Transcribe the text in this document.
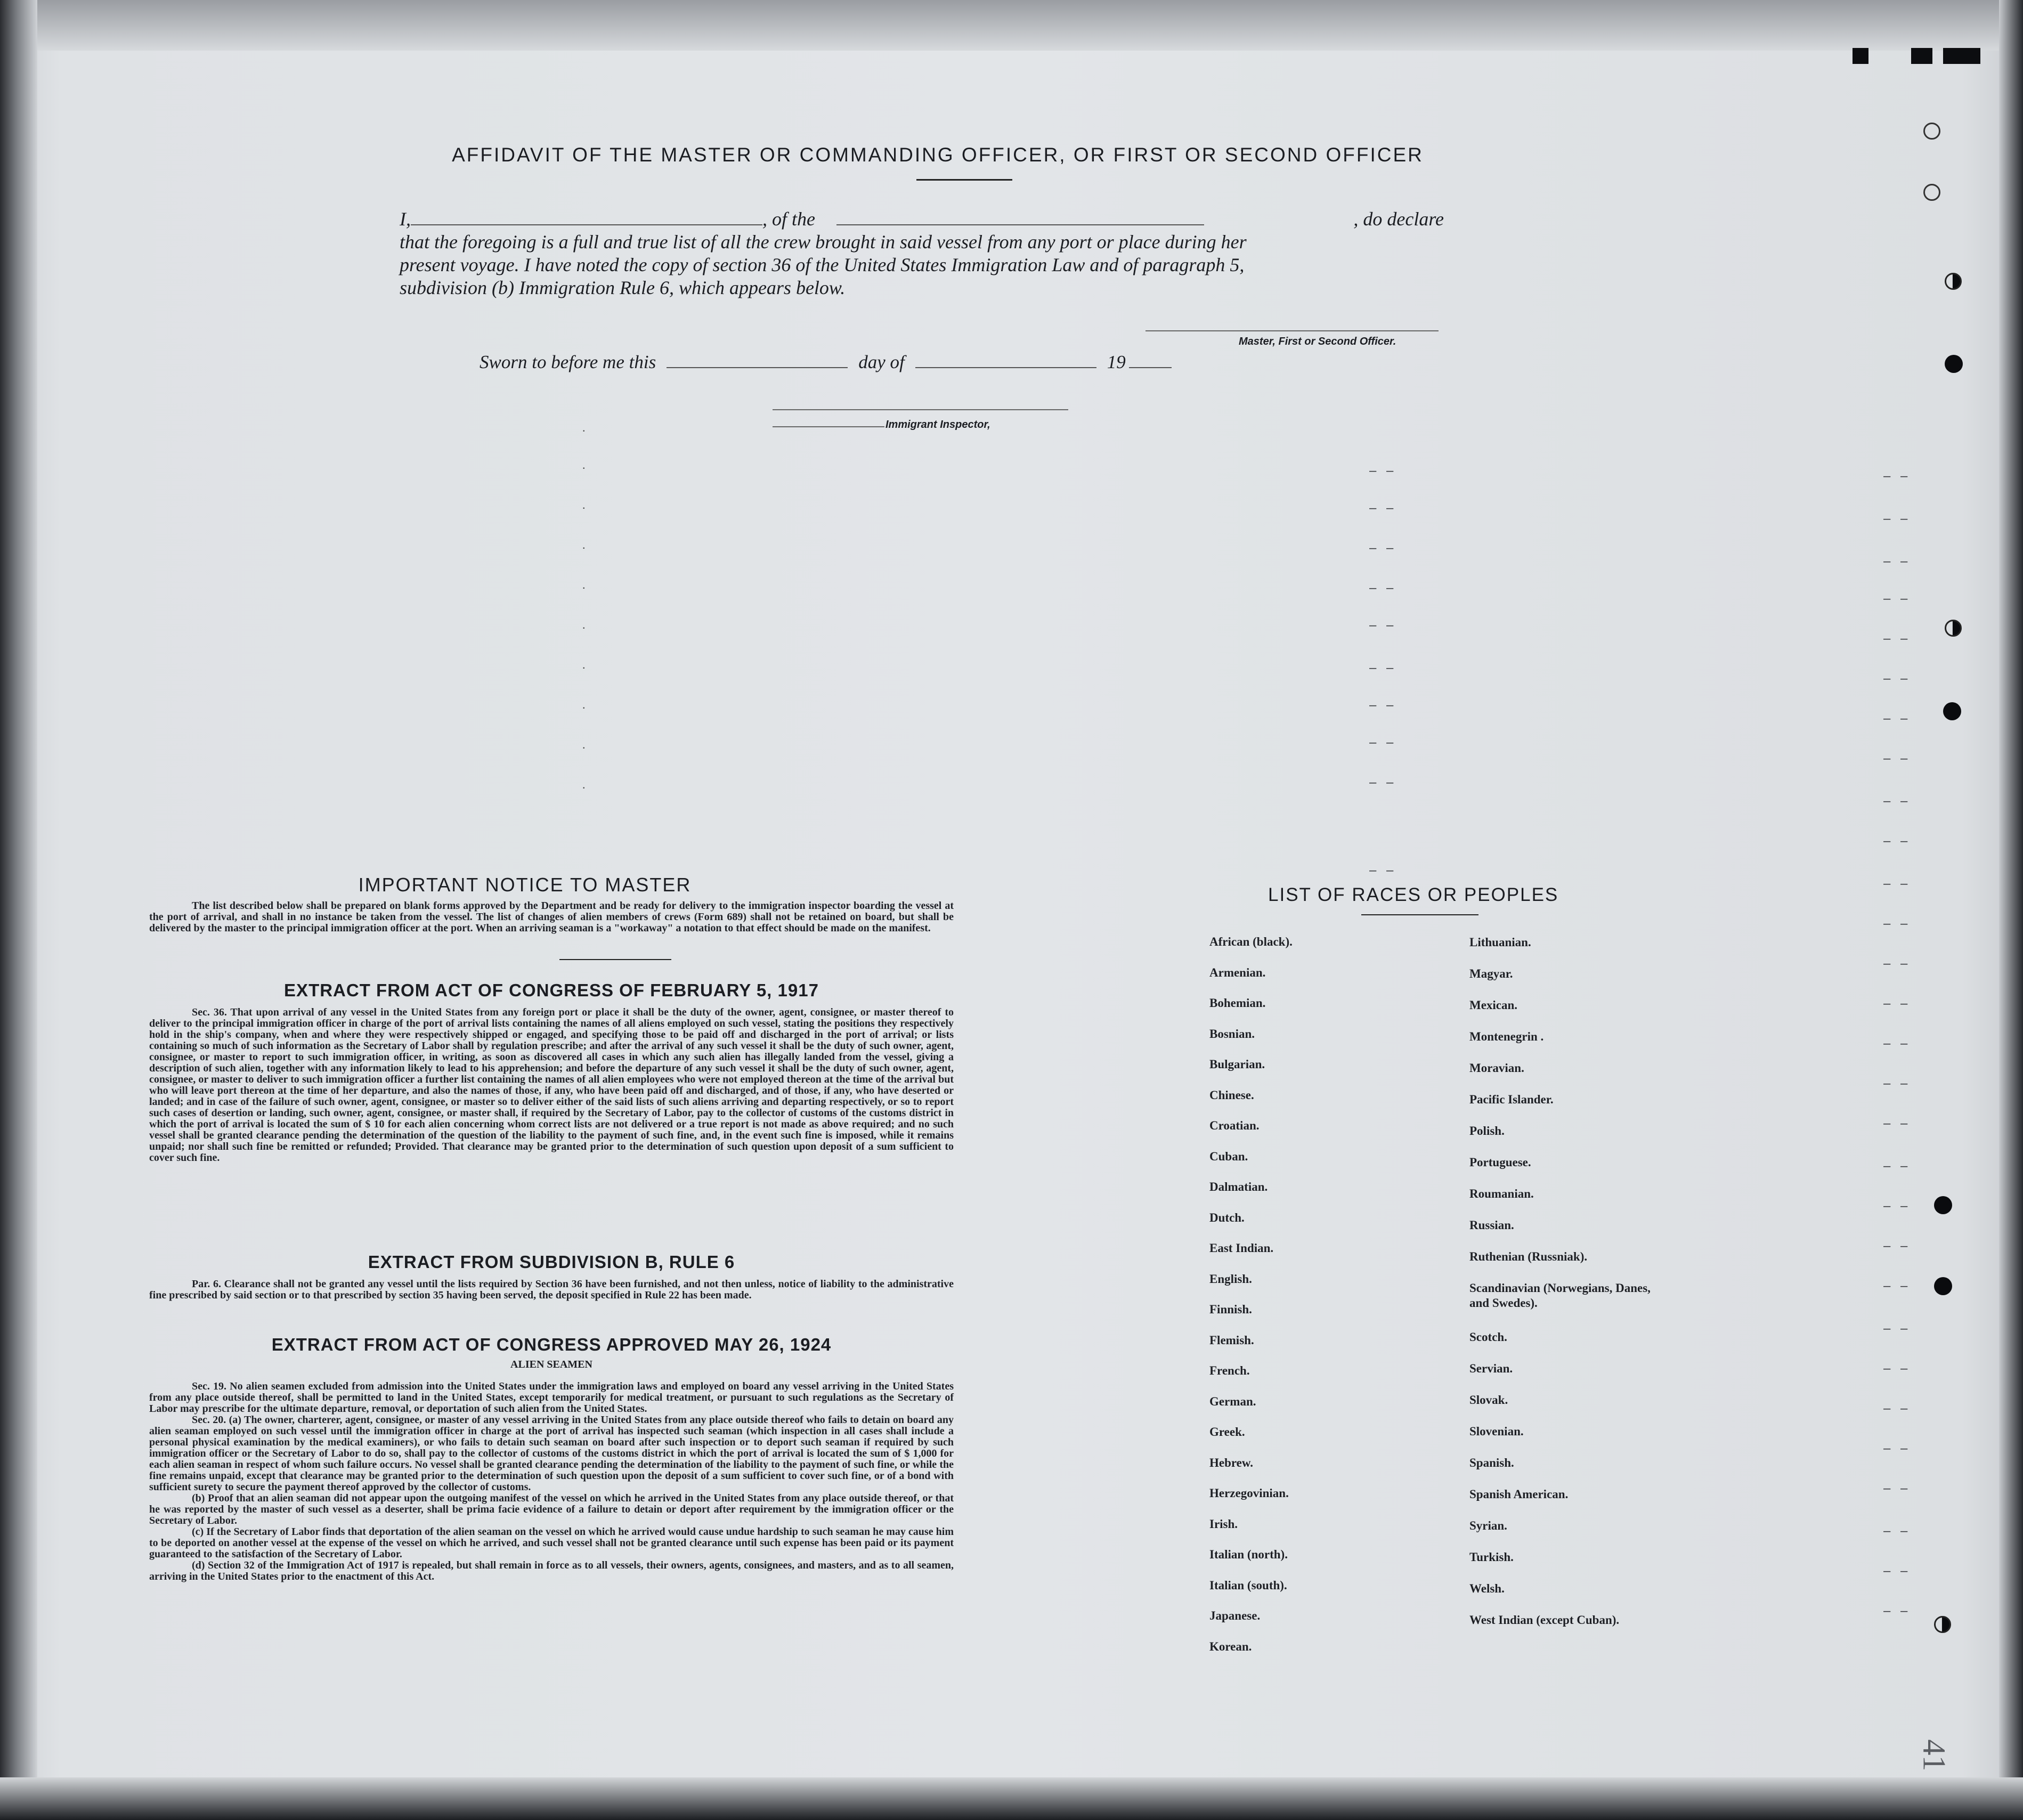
AFFIDAVIT OF THE MASTER OR COMMANDING OFFICER, OR FIRST OR SECOND OFFICER
I,	, of the	, do declare
that the foregoing is a full and true list of all the crew brought in said vessel from any port or place during her
present voyage. I have noted the copy of section 36 of the United States Immigration Law and of paragraph 5,
subdivision (b) Immigration Rule 6, which appears below.
Master, First or Second Officer.
Sworn to before me this	day of	19
Immigrant Inspector,
.
.
.
.
.
.
.
.
.
.
– –
– –
– –
– –
– –
– –
– –
– –
– –
– –
– –
– –
– –
– –
– –
– –
– –
– –
– –
– –
– –
– –
– –
– –
– –
– –
– –
– –
– –
– –
– –
– –
– –
– –
– –
– –
– –
– –
– –
IMPORTANT NOTICE TO MASTER

The list described below shall be prepared on blank forms approved by the Department and be ready for delivery to the immigration inspector boarding the vessel at the port of arrival, and shall in no instance be taken from the vessel. The list of changes of alien members of crews (Form 689) shall not be retained on board, but shall be delivered by the master to the principal immigration officer at the port. When an arriving seaman is a "workaway" a notation to that effect should be made on the manifest.

EXTRACT FROM ACT OF CONGRESS OF FEBRUARY 5, 1917

Sec. 36. That upon arrival of any vessel in the United States from any foreign port or place it shall be the duty of the owner, agent, consignee, or master thereof to deliver to the principal immigration officer in charge of the port of arrival lists containing the names of all aliens employed on such vessel, stating the positions they respectively hold in the ship's company, when and where they were respectively shipped or engaged, and specifying those to be paid off and discharged in the port of arrival; or lists containing so much of such information as the Secretary of Labor shall by regulation prescribe; and after the arrival of any such vessel it shall be the duty of such owner, agent, consignee, or master to report to such immigration officer, in writing, as soon as discovered all cases in which any such alien has illegally landed from the vessel, giving a description of such alien, together with any information likely to lead to his apprehension; and before the departure of any such vessel it shall be the duty of such owner, agent, consignee, or master to deliver to such immigration officer a further list containing the names of all alien employees who were not employed thereon at the time of the arrival but who will leave port thereon at the time of her departure, and also the names of those, if any, who have been paid off and discharged, and of those, if any, who have deserted or landed; and in case of the failure of such owner, agent, consignee, or master so to deliver either of the said lists of such aliens arriving and departing respectively, or so to report such cases of desertion or landing, such owner, agent, consignee, or master shall, if required by the Secretary of Labor, pay to the collector of customs of the customs district in which the port of arrival is located the sum of $ 10 for each alien concerning whom correct lists are not delivered or a true report is not made as above required; and no such vessel shall be granted clearance pending the determination of the question of the liability to the payment of such fine, and, in the event such fine is imposed, while it remains unpaid; nor shall such fine be remitted or refunded; Provided. That clearance may be granted prior to the determination of such question upon deposit of a sum sufficient to cover such fine.

EXTRACT FROM SUBDIVISION B, RULE 6

Par. 6. Clearance shall not be granted any vessel until the lists required by Section 36 have been furnished, and not then unless, notice of liability to the administrative fine prescribed by said section or to that prescribed by section 35 having been served, the deposit specified in Rule 22 has been made.

EXTRACT FROM ACT OF CONGRESS APPROVED MAY 26, 1924
ALIEN SEAMEN

Sec. 19. No alien seamen excluded from admission into the United States under the immigration laws and employed on board any vessel arriving in the United States from any place outside thereof, shall be permitted to land in the United States, except temporarily for medical treatment, or pursuant to such regulations as the Secretary of Labor may prescribe for the ultimate departure, removal, or deportation of such alien from the United States.

Sec. 20. (a) The owner, charterer, agent, consignee, or master of any vessel arriving in the United States from any place outside thereof who fails to detain on board any alien seaman employed on such vessel until the immigration officer in charge at the port of arrival has inspected such seaman (which inspection in all cases shall include a personal physical examination by the medical examiners), or who fails to detain such seaman on board after such inspection or to deport such seaman if required by such immigration officer or the Secretary of Labor to do so, shall pay to the collector of customs of the customs district in which the port of arrival is located the sum of $ 1,000 for each alien seaman in respect of whom such failure occurs. No vessel shall be granted clearance pending the determination of the liability to the payment of such fine, or while the fine remains unpaid, except that clearance may be granted prior to the determination of such question upon the deposit of a sum sufficient to cover such fine, or of a bond with sufficient surety to secure the payment thereof approved by the collector of customs.

(b) Proof that an alien seaman did not appear upon the outgoing manifest of the vessel on which he arrived in the United States from any place outside thereof, or that he was reported by the master of such vessel as a deserter, shall be prima facie evidence of a failure to detain or deport after requirement by the immigration officer or the Secretary of Labor.

(c) If the Secretary of Labor finds that deportation of the alien seaman on the vessel on which he arrived would cause undue hardship to such seaman he may cause him to be deported on another vessel at the expense of the vessel on which he arrived, and such vessel shall not be granted clearance until such expense has been paid or its payment guaranteed to the satisfaction of the Secretary of Labor.

(d) Section 32 of the Immigration Act of 1917 is repealed, but shall remain in force as to all vessels, their owners, agents, consignees, and masters, and as to all seamen, arriving in the United States prior to the enactment of this Act.

LIST OF RACES OR PEOPLES
African (black).
Armenian.
Bohemian.
Bosnian.
Bulgarian.
Chinese.
Croatian.
Cuban.
Dalmatian.
Dutch.
East Indian.
English.
Finnish.
Flemish.
French.
German.
Greek.
Hebrew.
Herzegovinian.
Irish.
Italian (north).
Italian (south).
Japanese.
Korean.
Lithuanian.
Magyar.
Mexican.
Montenegrin .
Moravian.
Pacific Islander.
Polish.
Portuguese.
Roumanian.
Russian.
Ruthenian (Russniak).
Scandinavian (Norwegians, Danes, and Swedes).
Scotch.
Servian.
Slovak.
Slovenian.
Spanish.
Spanish American.
Syrian.
Turkish.
Welsh.
West Indian (except Cuban).
41
